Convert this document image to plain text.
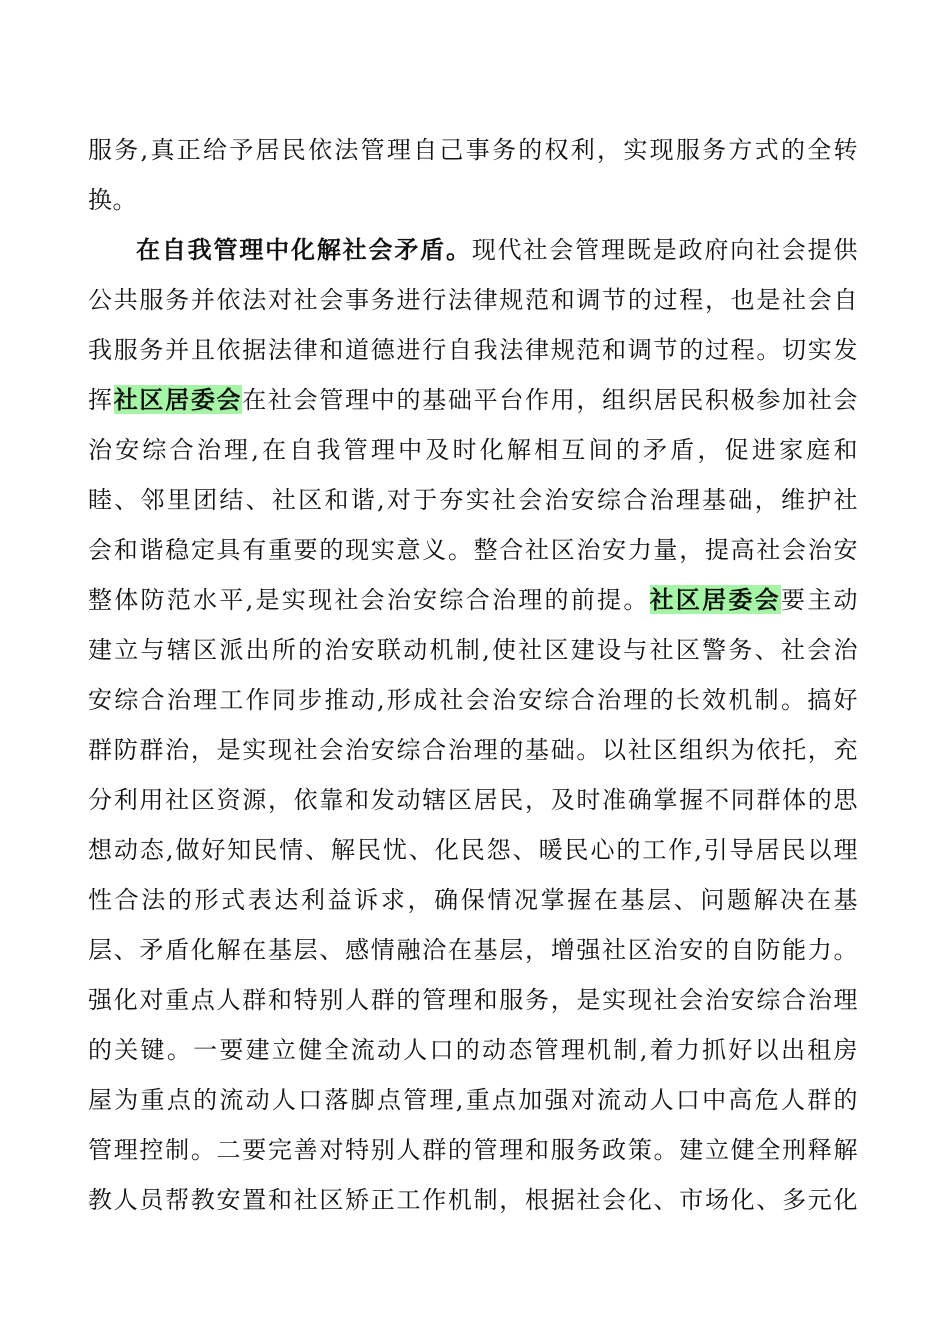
服务,真正给予居民依法管理自己事务的权利，实现服务方式的全转
换。
在自我管理中化解社会矛盾。现代社会管理既是政府向社会提供
公共服务并依法对社会事务进行法律规范和调节的过程，也是社会自
我服务并且依据法律和道德进行自我法律规范和调节的过程。切实发
挥社区居委会在社会管理中的基础平台作用，组织居民积极参加社会
治安综合治理,在自我管理中及时化解相互间的矛盾，促进家庭和
睦、邻里团结、社区和谐,对于夯实社会治安综合治理基础，维护社
会和谐稳定具有重要的现实意义。整合社区治安力量，提高社会治安
整体防范水平,是实现社会治安综合治理的前提。社区居委会要主动
建立与辖区派出所的治安联动机制,使社区建设与社区警务、社会治
安综合治理工作同步推动,形成社会治安综合治理的长效机制。搞好
群防群治，是实现社会治安综合治理的基础。以社区组织为依托，充
分利用社区资源，依靠和发动辖区居民，及时准确掌握不同群体的思
想动态,做好知民情、解民忧、化民怨、暖民心的工作,引导居民以理
性合法的形式表达利益诉求，确保情况掌握在基层、问题解决在基
层、矛盾化解在基层、感情融洽在基层，增强社区治安的自防能力。
强化对重点人群和特别人群的管理和服务，是实现社会治安综合治理
的关键。一要建立健全流动人口的动态管理机制,着力抓好以出租房
屋为重点的流动人口落脚点管理,重点加强对流动人口中高危人群的
管理控制。二要完善对特别人群的管理和服务政策。建立健全刑释解
教人员帮教安置和社区矫正工作机制，根据社会化、市场化、多元化
